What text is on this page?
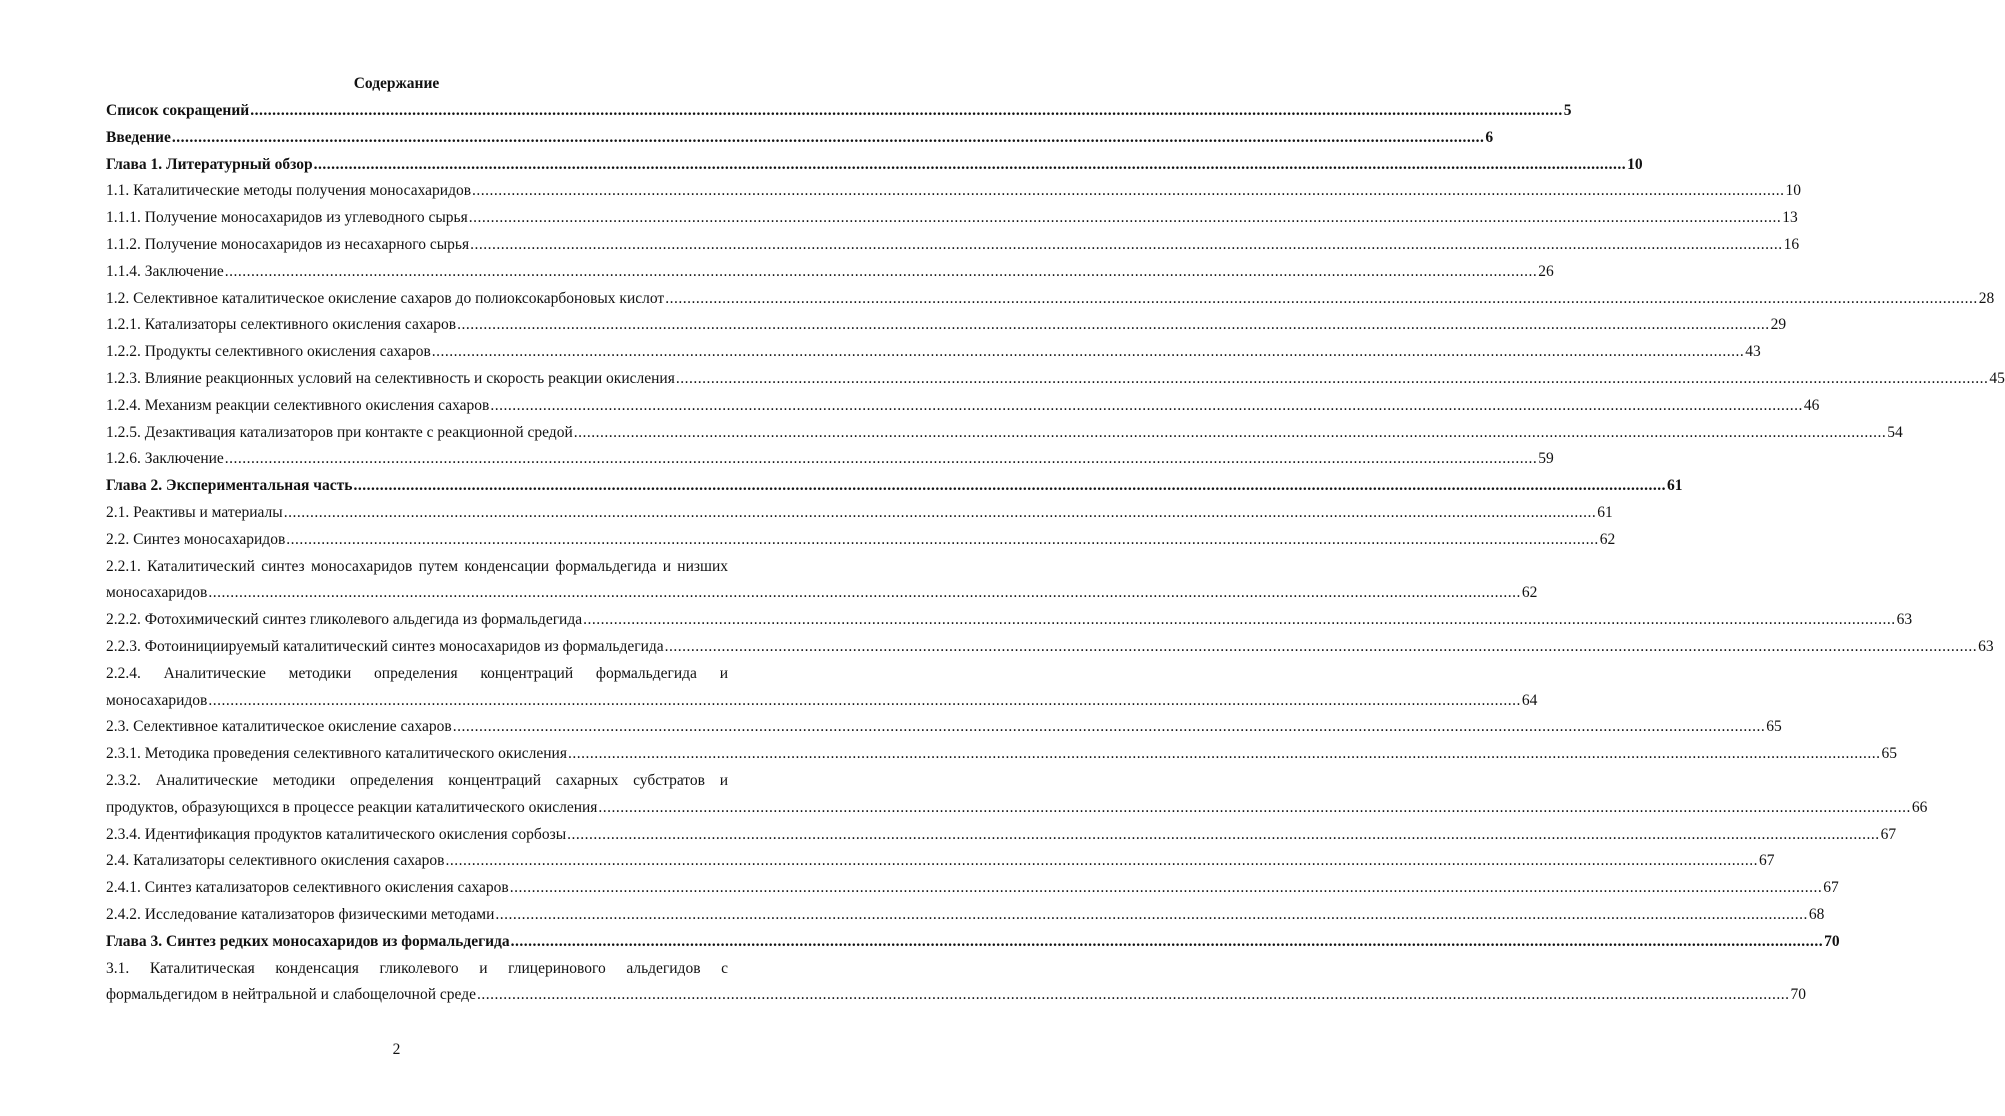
Содержание
Список сокращений ............................................................................................................................................................................................................................................................................................................ 5
Введение ............................................................................................................................................................................................................................................................................................................ 6
Глава 1. Литературный обзор ............................................................................................................................................................................................................................................................................................................ 10
1.1. Каталитические методы получения моносахаридов ............................................................................................................................................................................................................................................................................................................ 10
1.1.1. Получение моносахаридов из углеводного сырья ............................................................................................................................................................................................................................................................................................................ 13
1.1.2. Получение моносахаридов из несахарного сырья ............................................................................................................................................................................................................................................................................................................ 16
1.1.4. Заключение ............................................................................................................................................................................................................................................................................................................ 26
1.2. Селективное каталитическое окисление сахаров до полиоксокарбоновых кислот ............................................................................................................................................................................................................................................................................................................ 28
1.2.1. Катализаторы селективного окисления сахаров ............................................................................................................................................................................................................................................................................................................ 29
1.2.2. Продукты селективного окисления сахаров ............................................................................................................................................................................................................................................................................................................ 43
1.2.3. Влияние реакционных условий на селективность и скорость реакции окисления ............................................................................................................................................................................................................................................................................................................ 45
1.2.4. Механизм реакции селективного окисления сахаров ............................................................................................................................................................................................................................................................................................................ 46
1.2.5. Дезактивация катализаторов при контакте с реакционной средой ............................................................................................................................................................................................................................................................................................................ 54
1.2.6. Заключение ............................................................................................................................................................................................................................................................................................................ 59
Глава 2. Экспериментальная часть ............................................................................................................................................................................................................................................................................................................ 61
2.1. Реактивы и материалы ............................................................................................................................................................................................................................................................................................................ 61
2.2. Синтез моносахаридов ............................................................................................................................................................................................................................................................................................................ 62
2.2.1. Каталитический синтез моносахаридов путем конденсации формальдегида и низших
моносахаридов ............................................................................................................................................................................................................................................................................................................ 62
2.2.2. Фотохимический синтез гликолевого альдегида из формальдегида ............................................................................................................................................................................................................................................................................................................ 63
2.2.3. Фотоинициируемый каталитический синтез моносахаридов из формальдегида ............................................................................................................................................................................................................................................................................................................ 63
2.2.4. Аналитические методики определения концентраций формальдегида и
моносахаридов ............................................................................................................................................................................................................................................................................................................ 64
2.3. Селективное каталитическое окисление сахаров ............................................................................................................................................................................................................................................................................................................ 65
2.3.1. Методика проведения селективного каталитического окисления ............................................................................................................................................................................................................................................................................................................ 65
2.3.2. Аналитические методики определения концентраций сахарных субстратов и
продуктов, образующихся в процессе реакции каталитического окисления ............................................................................................................................................................................................................................................................................................................ 66
2.3.4. Идентификация продуктов каталитического окисления сорбозы ............................................................................................................................................................................................................................................................................................................ 67
2.4. Катализаторы селективного окисления сахаров ............................................................................................................................................................................................................................................................................................................ 67
2.4.1. Синтез катализаторов селективного окисления сахаров ............................................................................................................................................................................................................................................................................................................ 67
2.4.2. Исследование катализаторов физическими методами ............................................................................................................................................................................................................................................................................................................ 68
Глава 3. Синтез редких моносахаридов из формальдегида ............................................................................................................................................................................................................................................................................................................ 70
3.1. Каталитическая конденсация гликолевого и глицеринового альдегидов с
формальдегидом в нейтральной и слабощелочной среде ............................................................................................................................................................................................................................................................................................................ 70
2
